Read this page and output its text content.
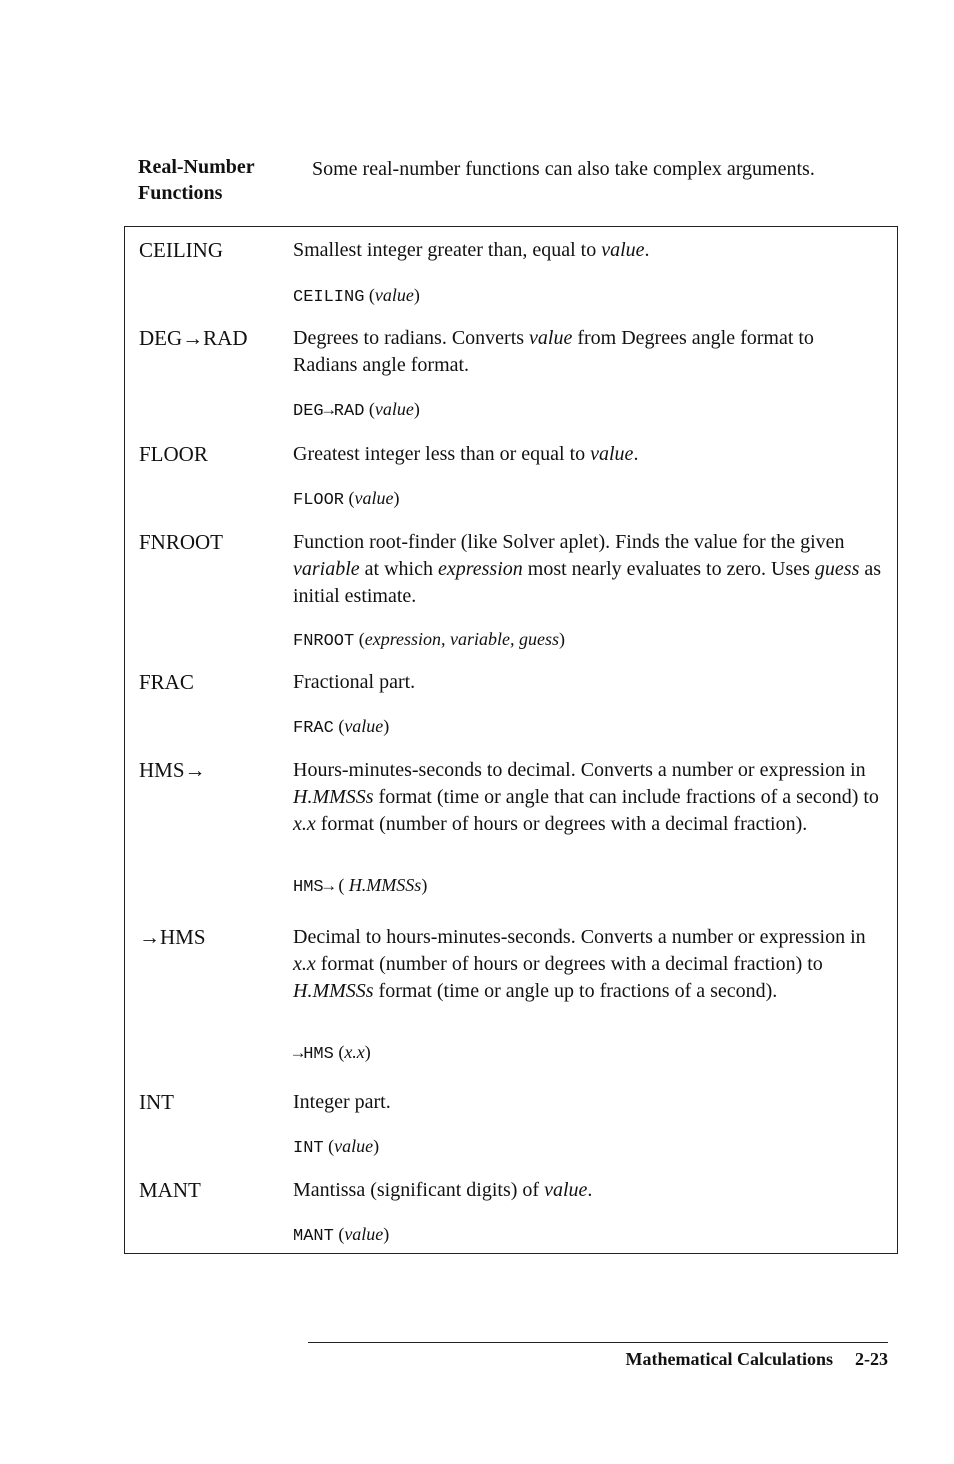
Real-Number
Functions
Some real-number functions can also take complex arguments.
CEILING	Smallest integer greater than, equal to value.
CEILING (value)
DEG→RAD	Degrees to radians. Converts value from Degrees angle format to Radians angle format.
DEG→RAD (value)
FLOOR	Greatest integer less than or equal to value.
FLOOR (value)
FNROOT	Function root-finder (like Solver aplet). Finds the value for the given variable at which expression most nearly evaluates to zero. Uses guess as initial estimate.
FNROOT (expression, variable, guess)
FRAC	Fractional part.
FRAC (value)
HMS→	Hours-minutes-seconds to decimal. Converts a number or expression in H.MMSSs format (time or angle that can include fractions of a second) to x.x format (number of hours or degrees with a decimal fraction).
HMS→ ( H.MMSSs)
→HMS	Decimal to hours-minutes-seconds. Converts a number or expression in x.x format (number of hours or degrees with a decimal fraction) to H.MMSSs format (time or angle up to fractions of a second).
→HMS (x.x)
INT	Integer part.
INT (value)
MANT	Mantissa (significant digits) of value.
MANT (value)
Mathematical Calculations 2-23
